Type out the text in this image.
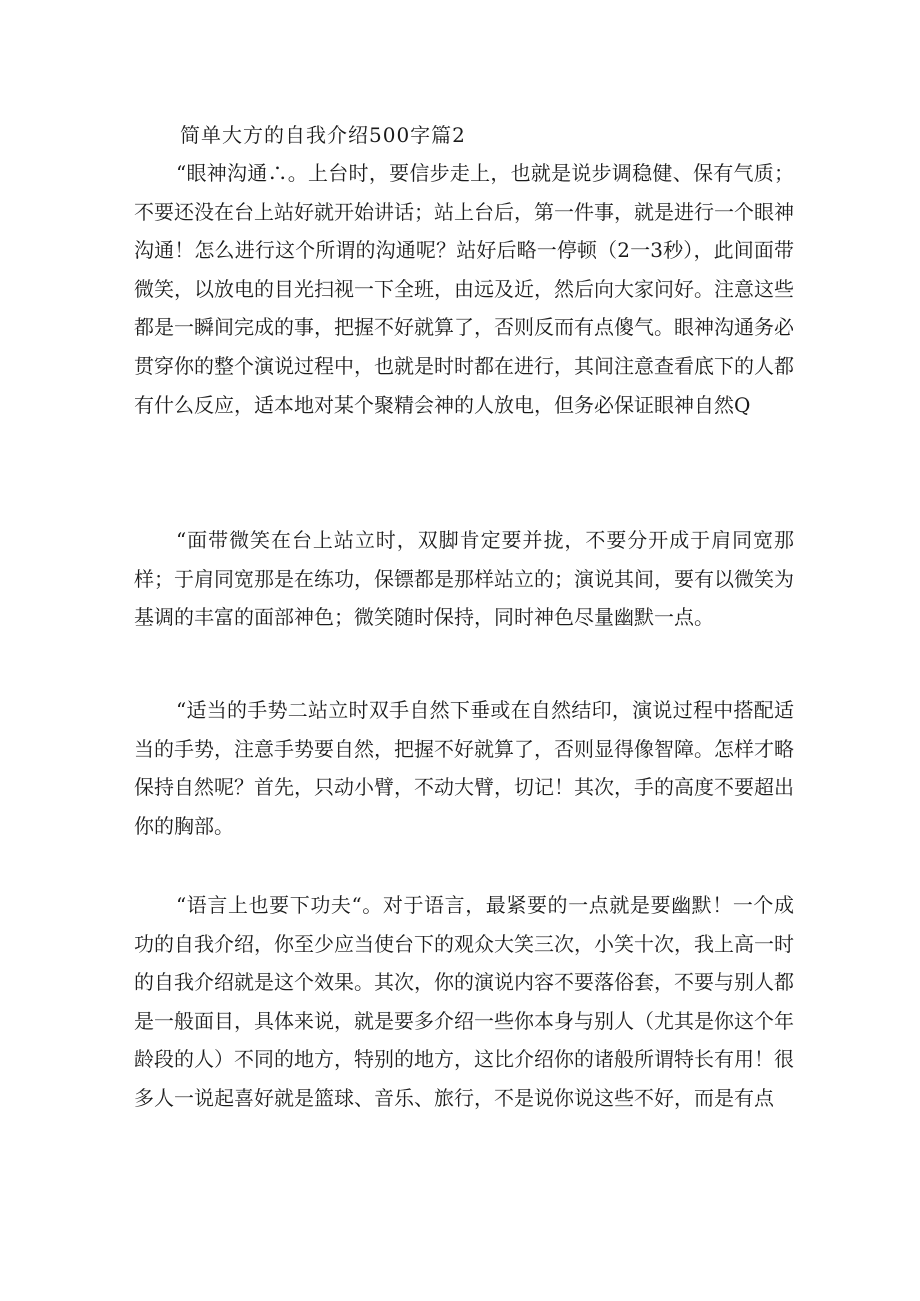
简单大方的自我介绍500字篇2

“眼神沟通∴。上台时，要信步走上，也就是说步调稳健、保有气质；不要还没在台上站好就开始讲话；站上台后，第一件事，就是进行一个眼神沟通！怎么进行这个所谓的沟通呢？站好后略一停顿（2一3秒），此间面带微笑，以放电的目光扫视一下全班，由远及近，然后向大家问好。注意这些都是一瞬间完成的事，把握不好就算了，否则反而有点傻气。眼神沟通务必贯穿你的整个演说过程中，也就是时时都在进行，其间注意查看底下的人都有什么反应，适本地对某个聚精会神的人放电，但务必保证眼神自然Q

“面带微笑在台上站立时，双脚肯定要并拢，不要分开成于肩同宽那样；于肩同宽那是在练功，保镖都是那样站立的；演说其间，要有以微笑为基调的丰富的面部神色；微笑随时保持，同时神色尽量幽默一点。

“适当的手势二站立时双手自然下垂或在自然结印，演说过程中搭配适当的手势，注意手势要自然，把握不好就算了，否则显得像智障。怎样才略保持自然呢？首先，只动小臂，不动大臂，切记！其次，手的高度不要超出你的胸部。

“语言上也要下功夫“。对于语言，最紧要的一点就是要幽默！一个成功的自我介绍，你至少应当使台下的观众大笑三次，小笑十次，我上高一时的自我介绍就是这个效果。其次，你的演说内容不要落俗套，不要与别人都是一般面目，具体来说，就是要多介绍一些你本身与别人（尤其是你这个年龄段的人）不同的地方，特别的地方，这比介绍你的诸般所谓特长有用！很多人一说起喜好就是篮球、音乐、旅行，不是说你说这些不好，而是有点
